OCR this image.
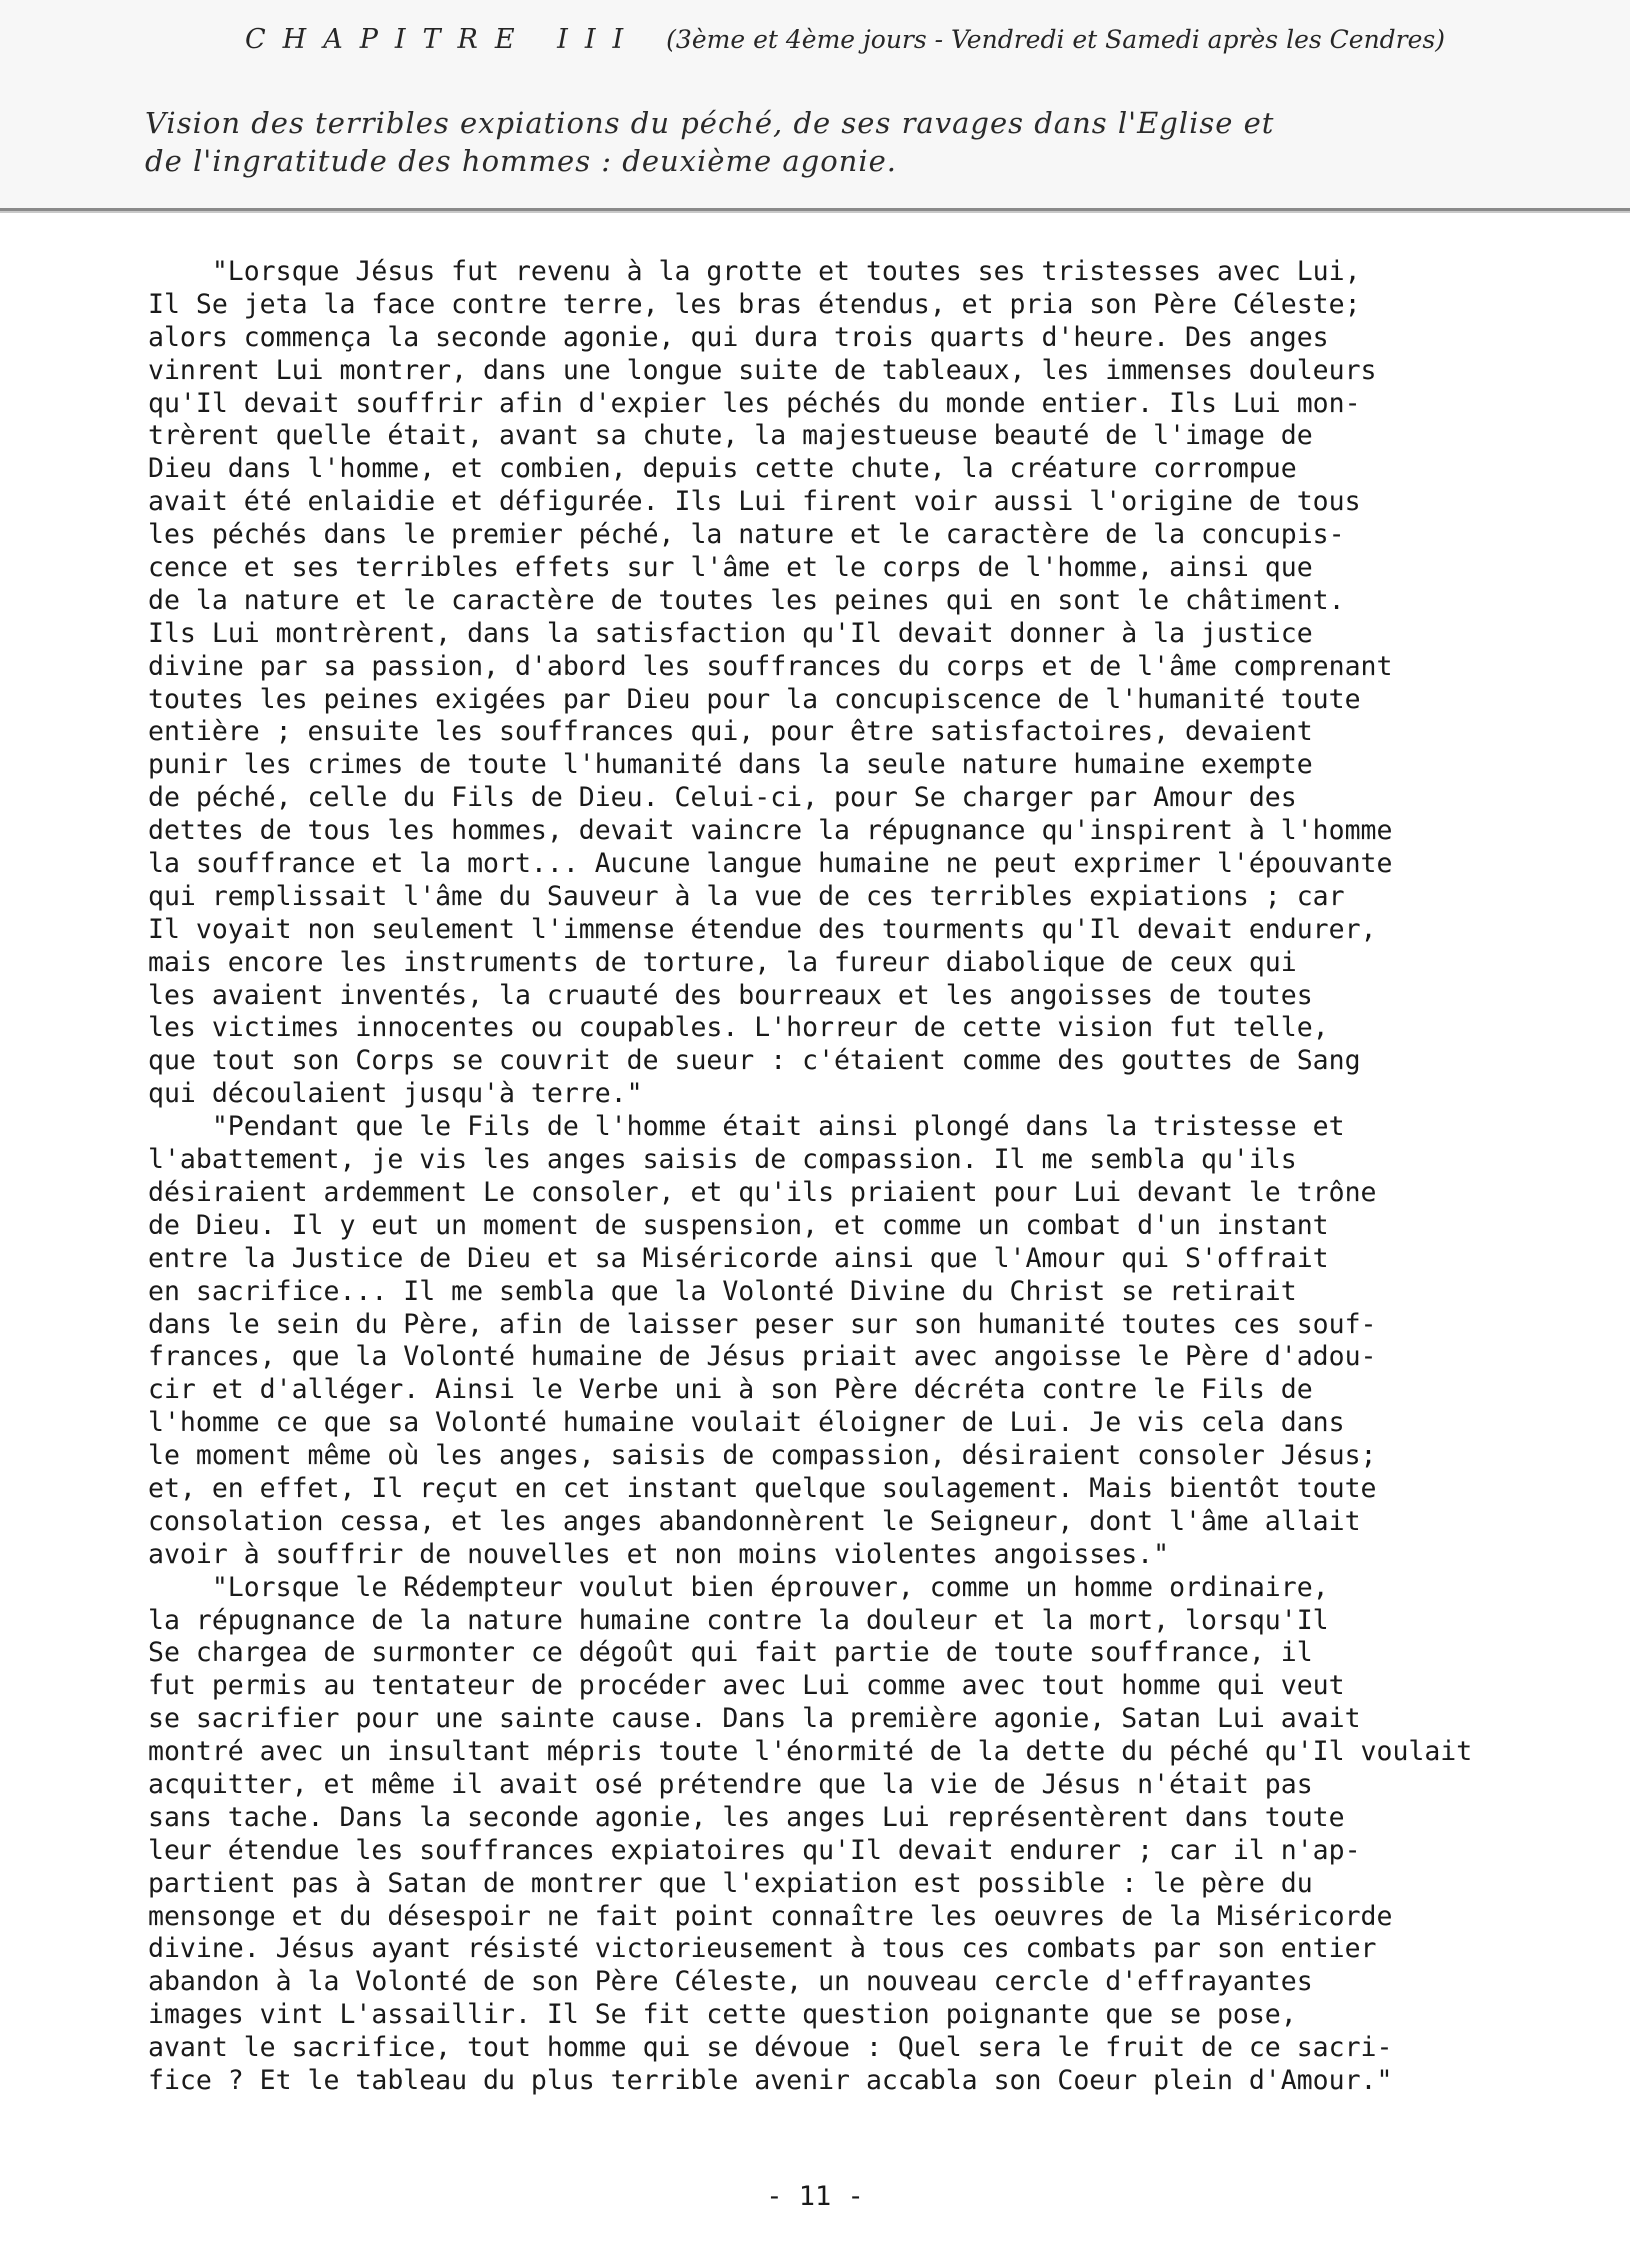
CHAPITRE III (3ème et 4ème jours - Vendredi et Samedi après les Cendres)
Vision des terribles expiations du péché, de ses ravages dans l'Eglise et
de l'ingratitude des hommes : deuxième agonie.
"Lorsque Jésus fut revenu à la grotte et toutes ses tristesses avec Lui,
Il Se jeta la face contre terre, les bras étendus, et pria son Père Céleste;
alors commença la seconde agonie, qui dura trois quarts d'heure. Des anges
vinrent Lui montrer, dans une longue suite de tableaux, les immenses douleurs
qu'Il devait souffrir afin d'expier les péchés du monde entier. Ils Lui mon-
trèrent quelle était, avant sa chute, la majestueuse beauté de l'image de
Dieu dans l'homme, et combien, depuis cette chute, la créature corrompue
avait été enlaidie et défigurée. Ils Lui firent voir aussi l'origine de tous
les péchés dans le premier péché, la nature et le caractère de la concupis-
cence et ses terribles effets sur l'âme et le corps de l'homme, ainsi que
de la nature et le caractère de toutes les peines qui en sont le châtiment.
Ils Lui montrèrent, dans la satisfaction qu'Il devait donner à la justice
divine par sa passion, d'abord les souffrances du corps et de l'âme comprenant
toutes les peines exigées par Dieu pour la concupiscence de l'humanité toute
entière ; ensuite les souffrances qui, pour être satisfactoires, devaient
punir les crimes de toute l'humanité dans la seule nature humaine exempte
de péché, celle du Fils de Dieu. Celui-ci, pour Se charger par Amour des
dettes de tous les hommes, devait vaincre la répugnance qu'inspirent à l'homme
la souffrance et la mort... Aucune langue humaine ne peut exprimer l'épouvante
qui remplissait l'âme du Sauveur à la vue de ces terribles expiations ; car
Il voyait non seulement l'immense étendue des tourments qu'Il devait endurer,
mais encore les instruments de torture, la fureur diabolique de ceux qui
les avaient inventés, la cruauté des bourreaux et les angoisses de toutes
les victimes innocentes ou coupables. L'horreur de cette vision fut telle,
que tout son Corps se couvrit de sueur : c'étaient comme des gouttes de Sang
qui découlaient jusqu'à terre."
"Pendant que le Fils de l'homme était ainsi plongé dans la tristesse et
l'abattement, je vis les anges saisis de compassion. Il me sembla qu'ils
désiraient ardemment Le consoler, et qu'ils priaient pour Lui devant le trône
de Dieu. Il y eut un moment de suspension, et comme un combat d'un instant
entre la Justice de Dieu et sa Miséricorde ainsi que l'Amour qui S'offrait
en sacrifice... Il me sembla que la Volonté Divine du Christ se retirait
dans le sein du Père, afin de laisser peser sur son humanité toutes ces souf-
frances, que la Volonté humaine de Jésus priait avec angoisse le Père d'adou-
cir et d'alléger. Ainsi le Verbe uni à son Père décréta contre le Fils de
l'homme ce que sa Volonté humaine voulait éloigner de Lui. Je vis cela dans
le moment même où les anges, saisis de compassion, désiraient consoler Jésus;
et, en effet, Il reçut en cet instant quelque soulagement. Mais bientôt toute
consolation cessa, et les anges abandonnèrent le Seigneur, dont l'âme allait
avoir à souffrir de nouvelles et non moins violentes angoisses."
"Lorsque le Rédempteur voulut bien éprouver, comme un homme ordinaire,
la répugnance de la nature humaine contre la douleur et la mort, lorsqu'Il
Se chargea de surmonter ce dégoût qui fait partie de toute souffrance, il
fut permis au tentateur de procéder avec Lui comme avec tout homme qui veut
se sacrifier pour une sainte cause. Dans la première agonie, Satan Lui avait
montré avec un insultant mépris toute l'énormité de la dette du péché qu'Il voulait
acquitter, et même il avait osé prétendre que la vie de Jésus n'était pas
sans tache. Dans la seconde agonie, les anges Lui représentèrent dans toute
leur étendue les souffrances expiatoires qu'Il devait endurer ; car il n'ap-
partient pas à Satan de montrer que l'expiation est possible : le père du
mensonge et du désespoir ne fait point connaître les oeuvres de la Miséricorde
divine. Jésus ayant résisté victorieusement à tous ces combats par son entier
abandon à la Volonté de son Père Céleste, un nouveau cercle d'effrayantes
images vint L'assaillir. Il Se fit cette question poignante que se pose,
avant le sacrifice, tout homme qui se dévoue : Quel sera le fruit de ce sacri-
fice ? Et le tableau du plus terrible avenir accabla son Coeur plein d'Amour."
- 11 -
